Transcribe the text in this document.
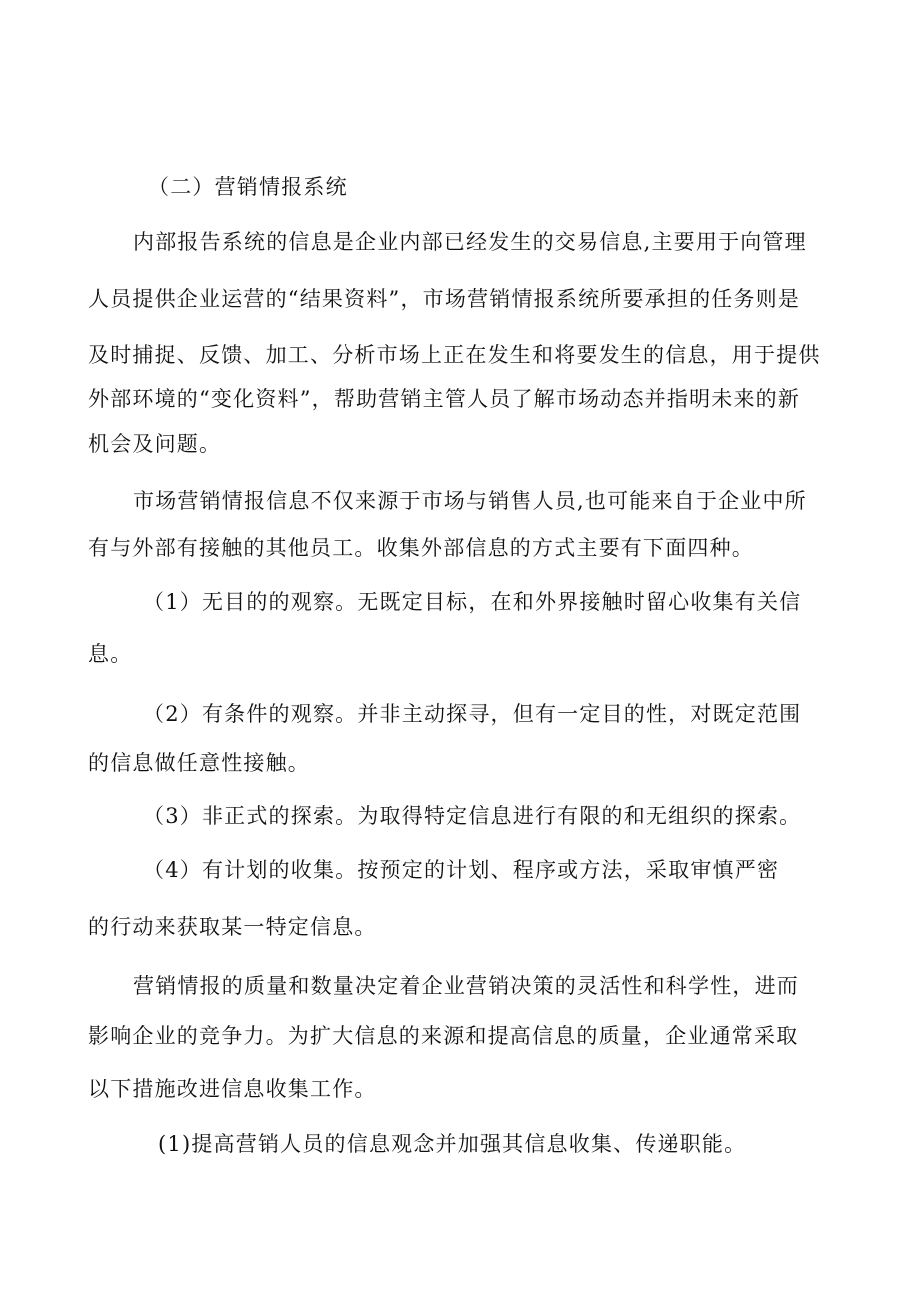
（二）营销情报系统
内部报告系统的信息是企业内部已经发生的交易信息,主要用于向管理
人员提供企业运营的“结果资料”，市场营销情报系统所要承担的任务则是
及时捕捉、反馈、加工、分析市场上正在发生和将要发生的信息，用于提供
外部环境的“变化资料”，帮助营销主管人员了解市场动态并指明未来的新
机会及问题。
市场营销情报信息不仅来源于市场与销售人员,也可能来自于企业中所
有与外部有接触的其他员工。收集外部信息的方式主要有下面四种。
（1）无目的的观察。无既定目标，在和外界接触时留心收集有关信
息。
（2）有条件的观察。并非主动探寻，但有一定目的性，对既定范围
的信息做任意性接触。
（3）非正式的探索。为取得特定信息进行有限的和无组织的探索。
（4）有计划的收集。按预定的计划、程序或方法，采取审慎严密
的行动来获取某一特定信息。
营销情报的质量和数量决定着企业营销决策的灵活性和科学性，进而
影响企业的竞争力。为扩大信息的来源和提高信息的质量，企业通常采取
以下措施改进信息收集工作。
(1)提高营销人员的信息观念并加强其信息收集、传递职能。
